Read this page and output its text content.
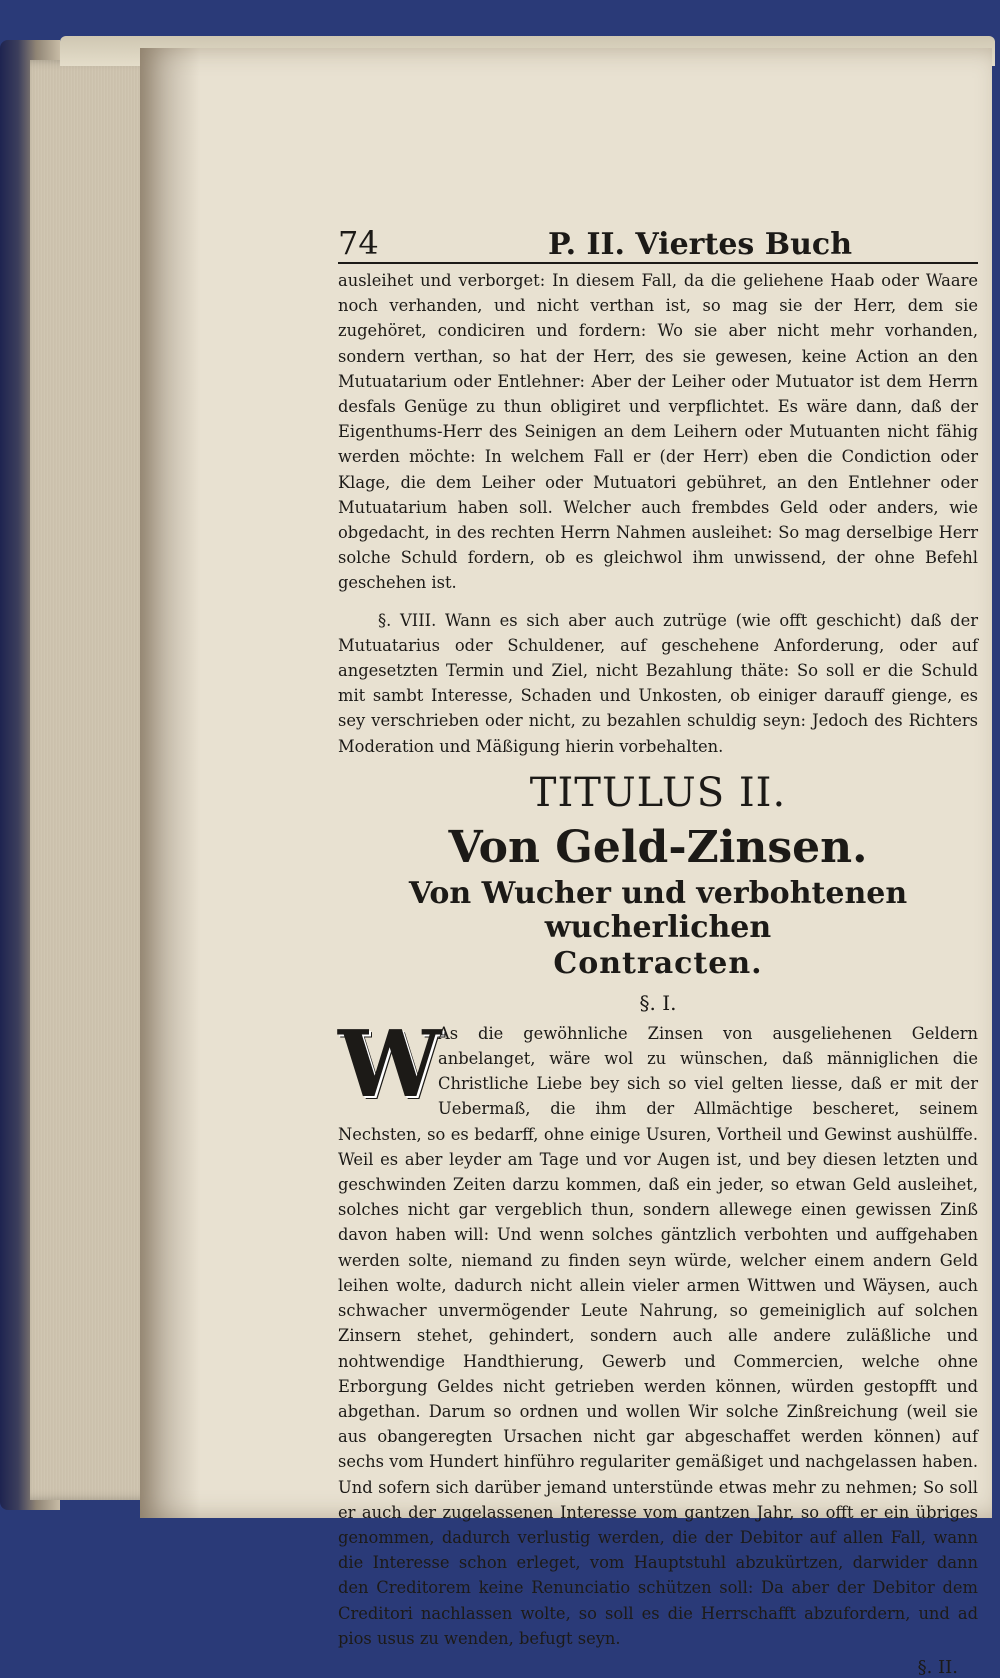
74	P. II. Viertes Buch

ausleihet und verborget: In diesem Fall, da die geliehene Haab oder Waare noch verhanden, und nicht verthan ist, so mag sie der Herr, dem sie zugehöret, condiciren und fordern: Wo sie aber nicht mehr vorhanden, sondern verthan, so hat der Herr, des sie gewesen, keine Action an den Mutuatarium oder Entlehner: Aber der Leiher oder Mutuator ist dem Herrn desfals Genüge zu thun obligiret und verpflichtet. Es wäre dann, daß der Eigenthums-Herr des Seinigen an dem Leihern oder Mutuanten nicht fähig werden möchte: In welchem Fall er (der Herr) eben die Condiction oder Klage, die dem Leiher oder Mutuatori gebühret, an den Entlehner oder Mutuatarium haben soll. Welcher auch frembdes Geld oder anders, wie obgedacht, in des rechten Herrn Nahmen ausleihet: So mag derselbige Herr solche Schuld fordern, ob es gleichwol ihm unwissend, der ohne Befehl geschehen ist.

§. VIII. Wann es sich aber auch zutrüge (wie offt geschicht) daß der Mutuatarius oder Schuldener, auf geschehene Anforderung, oder auf angesetzten Termin und Ziel, nicht Bezahlung thäte: So soll er die Schuld mit sambt Interesse, Schaden und Unkosten, ob einiger darauff gienge, es sey verschrieben oder nicht, zu bezahlen schuldig seyn: Jedoch des Richters Moderation und Mäßigung hierin vorbehalten.

TITULUS II.
Von Geld-Zinsen.
Von Wucher und verbohtenen wucherlichen
Contracten.
§. I.
W

As die gewöhnliche Zinsen von ausgeliehenen Geldern anbelanget, wäre wol zu wünschen, daß männiglichen die Christliche Liebe bey sich so viel gelten liesse, daß er mit der Uebermaß, die ihm der Allmächtige bescheret, seinem Nechsten, so es bedarff, ohne einige Usuren, Vortheil und Gewinst aushülffe. Weil es aber leyder am Tage und vor Augen ist, und bey diesen letzten und geschwinden Zeiten darzu kommen, daß ein jeder, so etwan Geld ausleihet, solches nicht gar vergeblich thun, sondern allewege einen gewissen Zinß davon haben will: Und wenn solches gäntzlich verbohten und auffgehaben werden solte, niemand zu finden seyn würde, welcher einem andern Geld leihen wolte, dadurch nicht allein vieler armen Wittwen und Wäysen, auch schwacher unvermögender Leute Nahrung, so gemeiniglich auf solchen Zinsern stehet, gehindert, sondern auch alle andere zuläßliche und nohtwendige Handthierung, Gewerb und Commercien, welche ohne Erborgung Geldes nicht getrieben werden können, würden gestopfft und abgethan. Darum so ordnen und wollen Wir solche Zinßreichung (weil sie aus obangeregten Ursachen nicht gar abgeschaffet werden können) auf sechs vom Hundert hinführo regulariter gemäßiget und nachgelassen haben. Und sofern sich darüber jemand unterstünde etwas mehr zu nehmen; So soll er auch der zugelassenen Interesse vom gantzen Jahr, so offt er ein übriges genommen, dadurch verlustig werden, die der Debitor auf allen Fall, wann die Interesse schon erleget, vom Hauptstuhl abzukürtzen, darwider dann den Creditorem keine Renunciatio schützen soll: Da aber der Debitor dem Creditori nachlassen wolte, so soll es die Herrschafft abzufordern, und ad pios usus zu wenden, befugt seyn.

§. II.
